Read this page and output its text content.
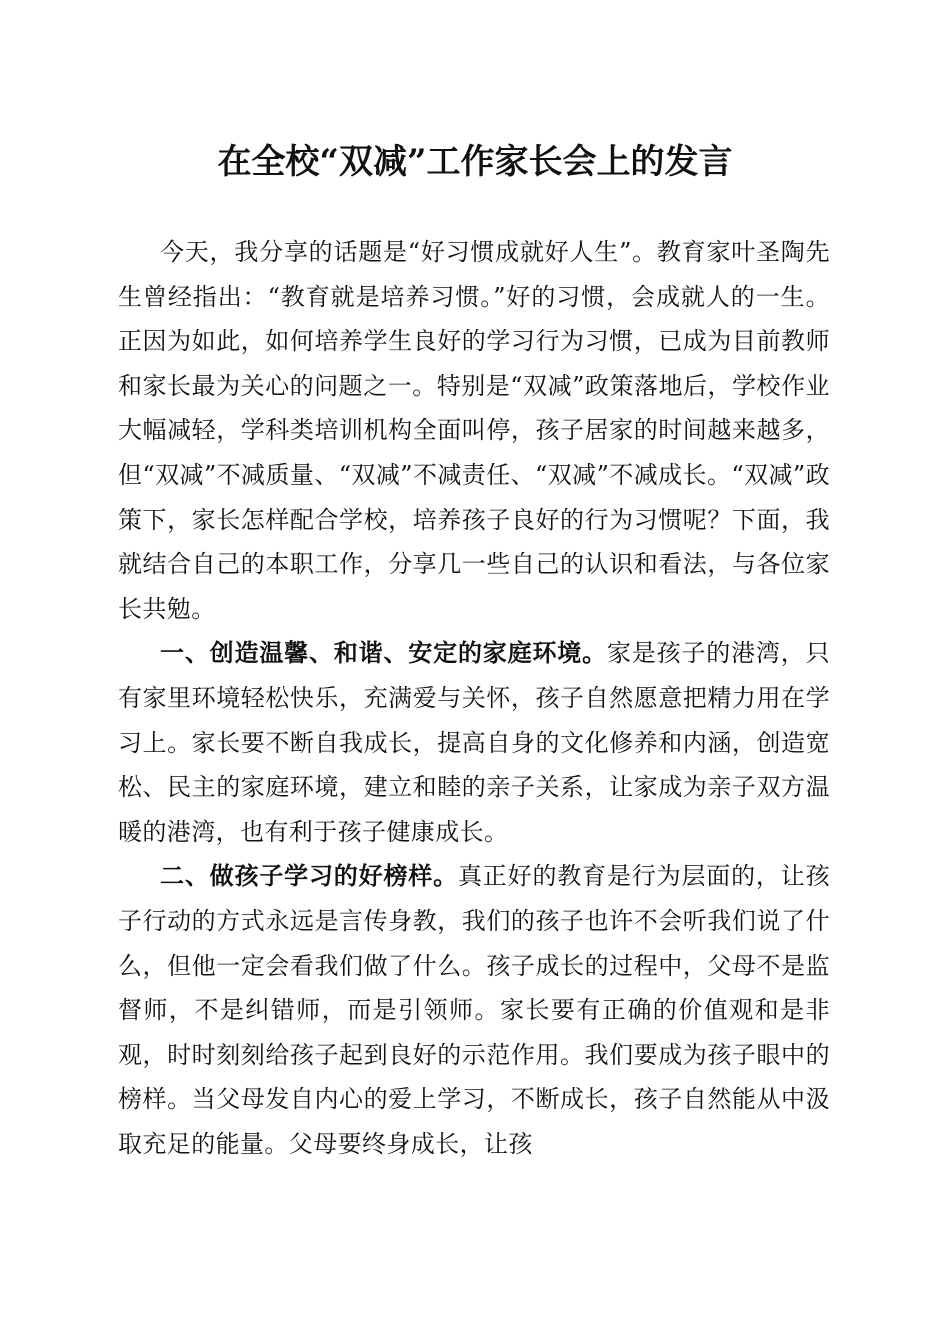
在全校“双减”工作家长会上的发言

今天，我分享的话题是“好习惯成就好人生”。教育家叶圣陶先生曾经指出：“教育就是培养习惯。”好的习惯，会成就人的一生。正因为如此，如何培养学生良好的学习行为习惯，已成为目前教师和家长最为关心的问题之一。特别是“双减”政策落地后，学校作业大幅减轻，学科类培训机构全面叫停，孩子居家的时间越来越多，但“双减”不减质量、“双减”不减责任、“双减”不减成长。“双减”政策下，家长怎样配合学校，培养孩子良好的行为习惯呢？下面，我就结合自己的本职工作，分享几一些自己的认识和看法，与各位家长共勉。

一、创造温馨、和谐、安定的家庭环境。家是孩子的港湾，只有家里环境轻松快乐，充满爱与关怀，孩子自然愿意把精力用在学习上。家长要不断自我成长，提高自身的文化修养和内涵，创造宽松、民主的家庭环境，建立和睦的亲子关系，让家成为亲子双方温暖的港湾，也有利于孩子健康成长。

二、做孩子学习的好榜样。真正好的教育是行为层面的，让孩子行动的方式永远是言传身教，我们的孩子也许不会听我们说了什么，但他一定会看我们做了什么。孩子成长的过程中，父母不是监督师，不是纠错师，而是引领师。家长要有正确的价值观和是非观，时时刻刻给孩子起到良好的示范作用。我们要成为孩子眼中的榜样。当父母发自内心的爱上学习，不断成长，孩子自然能从中汲取充足的能量。父母要终身成长，让孩
